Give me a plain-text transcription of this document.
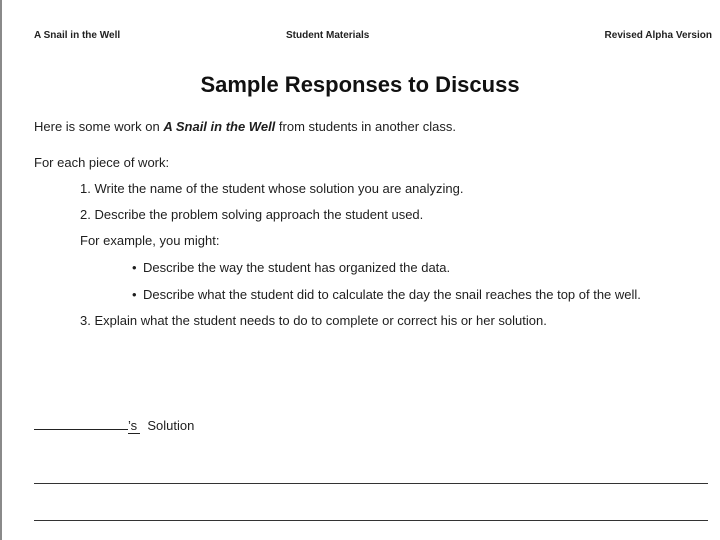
A Snail in the Well	Student Materials	Revised Alpha Version
Sample Responses to Discuss
Here is some work on A Snail in the Well from students in another class.
For each piece of work:
1. Write the name of the student whose solution you are analyzing.
2. Describe the problem solving approach the student used.
For example, you might:
• Describe the way the student has organized the data.
• Describe what the student did to calculate the day the snail reaches the top of the well.
3. Explain what the student needs to do to complete or correct his or her solution.
’s Solution
